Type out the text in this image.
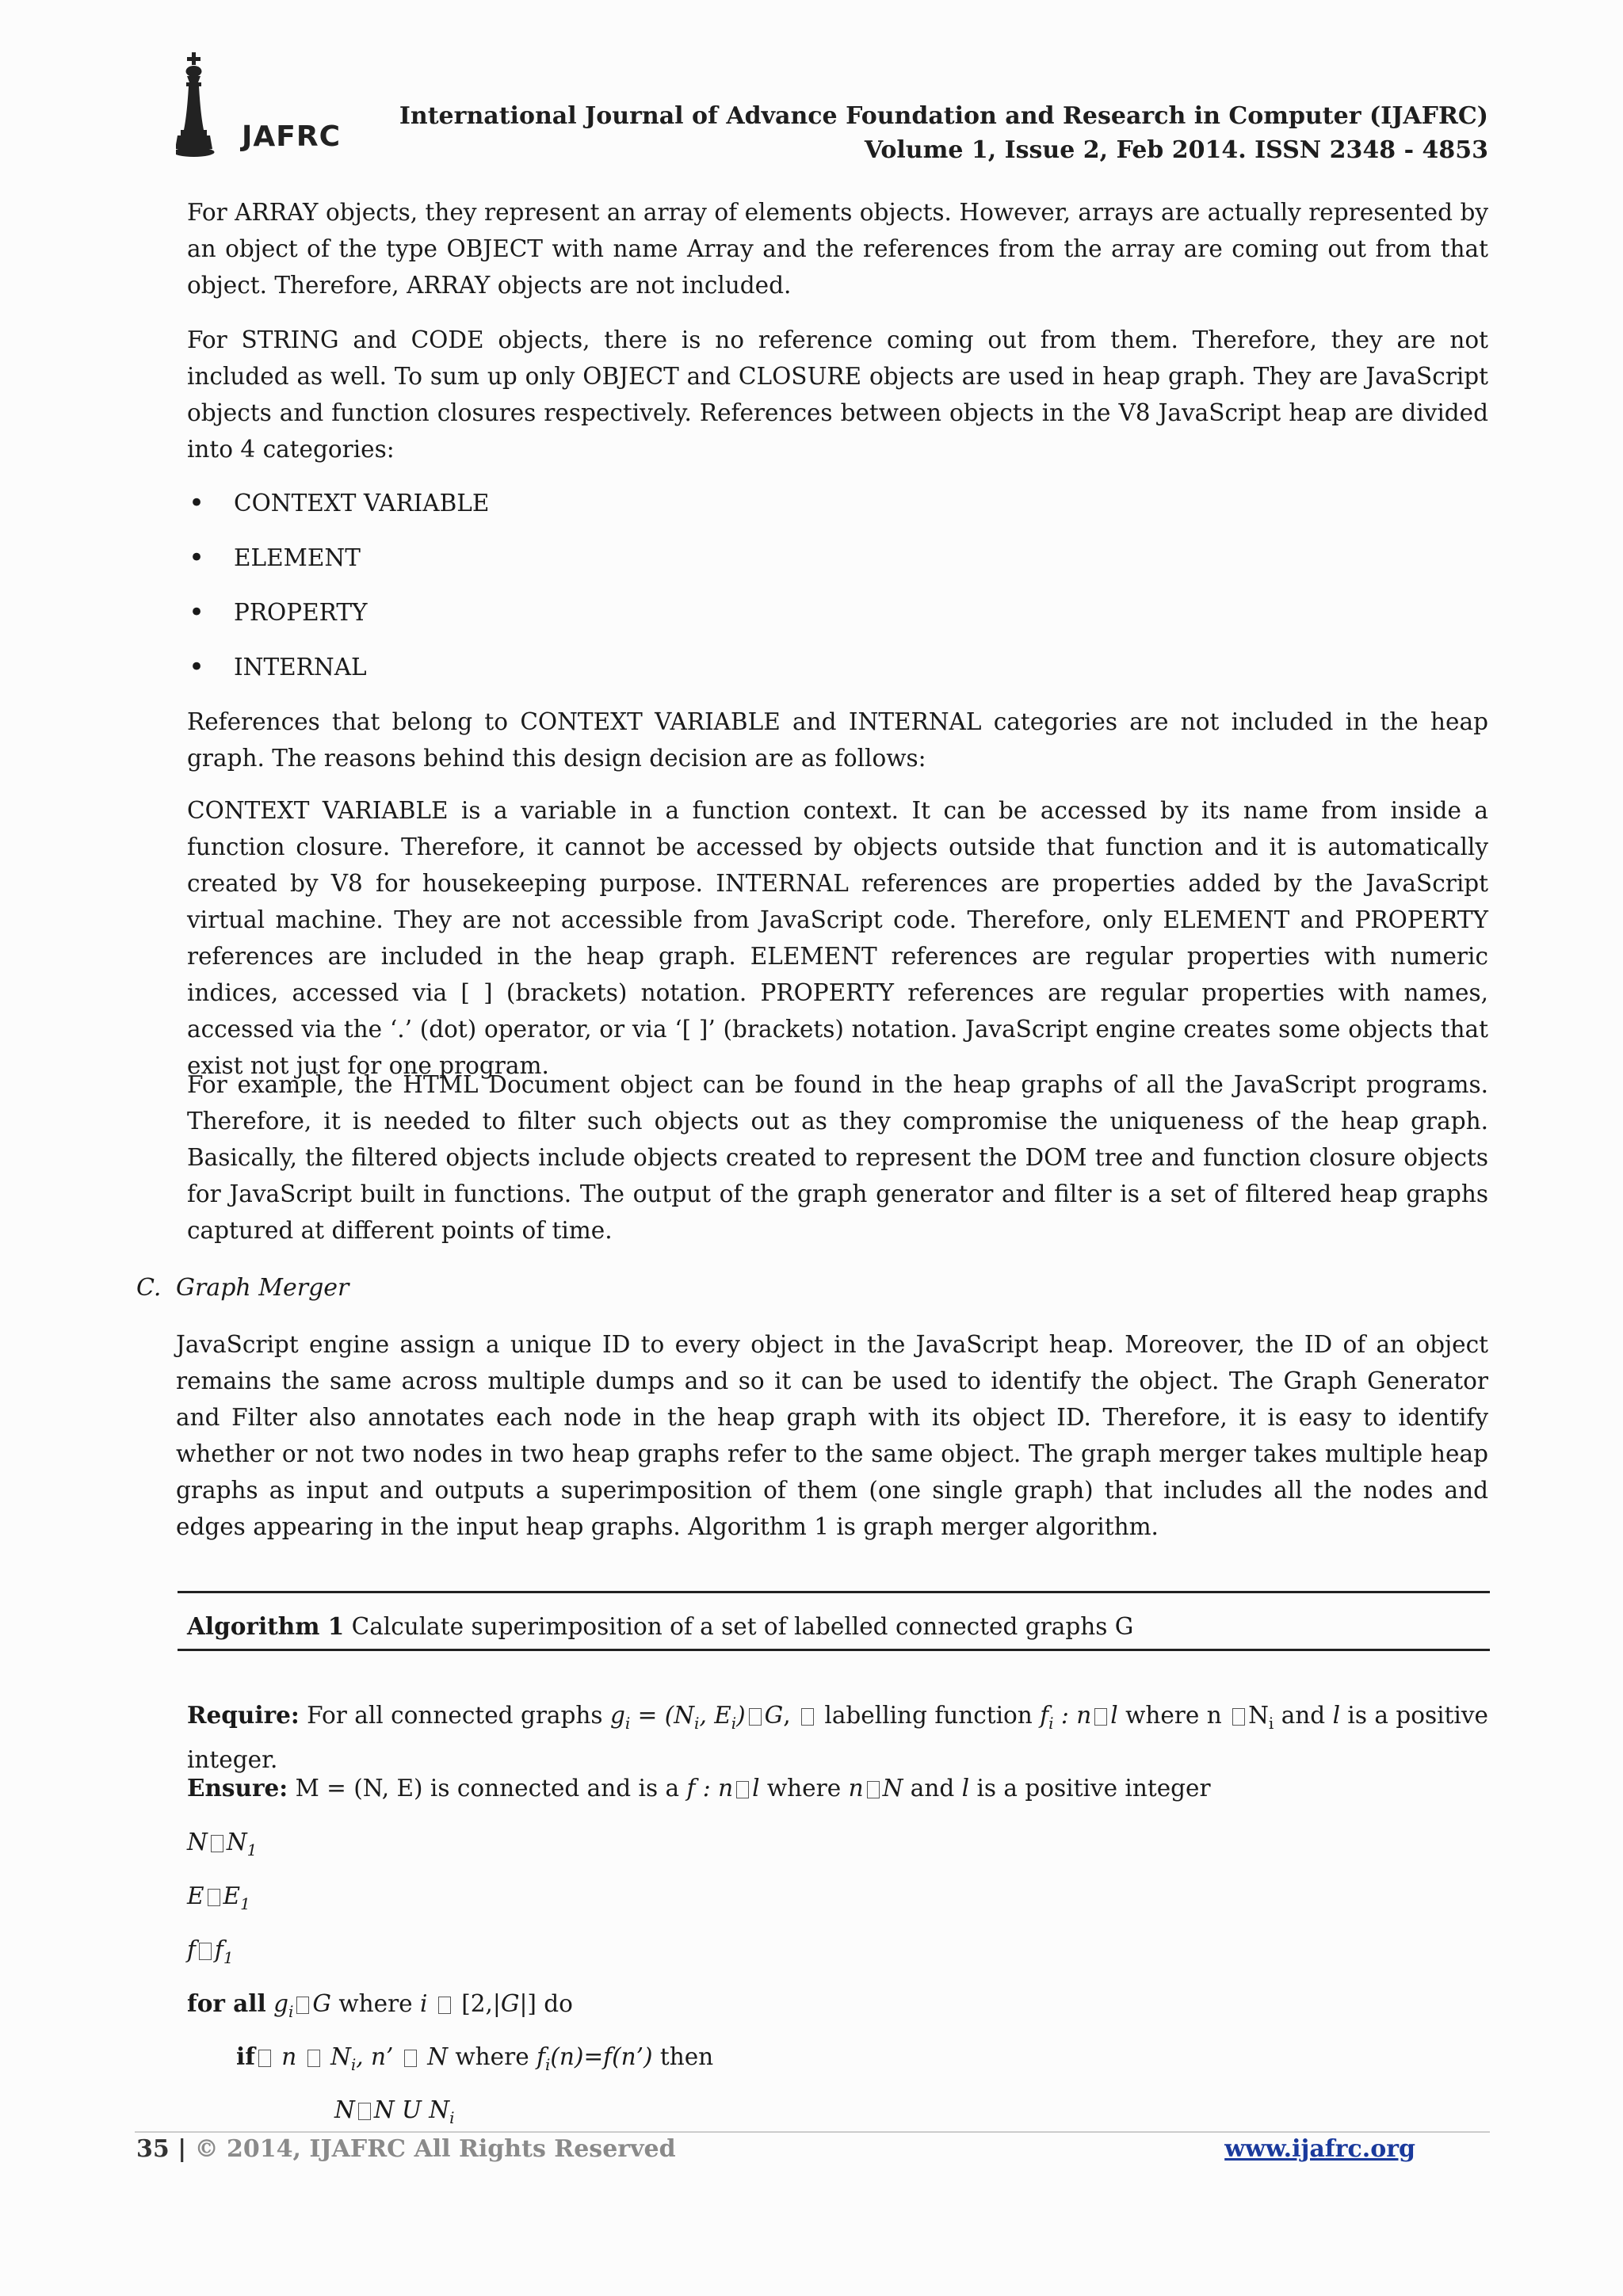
JAFRC
International Journal of Advance Foundation and Research in Computer (IJAFRC)
Volume 1, Issue 2, Feb 2014. ISSN 2348 - 4853
For ARRAY objects, they represent an array of elements objects. However, arrays are actually represented by an object of the type OBJECT with name Array and the references from the array are coming out from that object. Therefore, ARRAY objects are not included.
For STRING and CODE objects, there is no reference coming out from them. Therefore, they are not included as well. To sum up only OBJECT and CLOSURE objects are used in heap graph. They are JavaScript objects and function closures respectively. References between objects in the V8 JavaScript heap are divided into 4 categories:
• CONTEXT VARIABLE
• ELEMENT
• PROPERTY
• INTERNAL
References that belong to CONTEXT VARIABLE and INTERNAL categories are not included in the heap graph. The reasons behind this design decision are as follows:
CONTEXT VARIABLE is a variable in a function context. It can be accessed by its name from inside a function closure. Therefore, it cannot be accessed by objects outside that function and it is automatically created by V8 for housekeeping purpose. INTERNAL references are properties added by the JavaScript virtual machine. They are not accessible from JavaScript code. Therefore, only ELEMENT and PROPERTY references are included in the heap graph. ELEMENT references are regular properties with numeric indices, accessed via [ ] (brackets) notation. PROPERTY references are regular properties with names, accessed via the ‘.’ (dot) operator, or via ‘[ ]’ (brackets) notation. JavaScript engine creates some objects that exist not just for one program.
For example, the HTML Document object can be found in the heap graphs of all the JavaScript programs. Therefore, it is needed to filter such objects out as they compromise the uniqueness of the heap graph. Basically, the filtered objects include objects created to represent the DOM tree and function closure objects for JavaScript built in functions. The output of the graph generator and filter is a set of filtered heap graphs captured at different points of time.
C. Graph Merger
JavaScript engine assign a unique ID to every object in the JavaScript heap. Moreover, the ID of an object remains the same across multiple dumps and so it can be used to identify the object. The Graph Generator and Filter also annotates each node in the heap graph with its object ID. Therefore, it is easy to identify whether or not two nodes in two heap graphs refer to the same object. The graph merger takes multiple heap graphs as input and outputs a superimposition of them (one single graph) that includes all the nodes and edges appearing in the input heap graphs. Algorithm 1 is graph merger algorithm.
Algorithm 1 Calculate superimposition of a set of labelled connected graphs G
Require: For all connected graphs $g_i = (N_i$, $E_i$) G,  labelling function $f_i$ : n l where n $N_i$ and l is a positive integer.
Ensure: M = (N, E) is connected and is a f : n l where n N and l is a positive integer
N $N_1$
E $E_1$
f $f_1$
for all $g_i$ G where i [2,|G|] do
if n $N_i$, n’ N where $f_i(n)=f(n’)$ then
N N U $N_i$
35 | © 2014, IJAFRC All Rights Reserved	www.ijafrc.org
